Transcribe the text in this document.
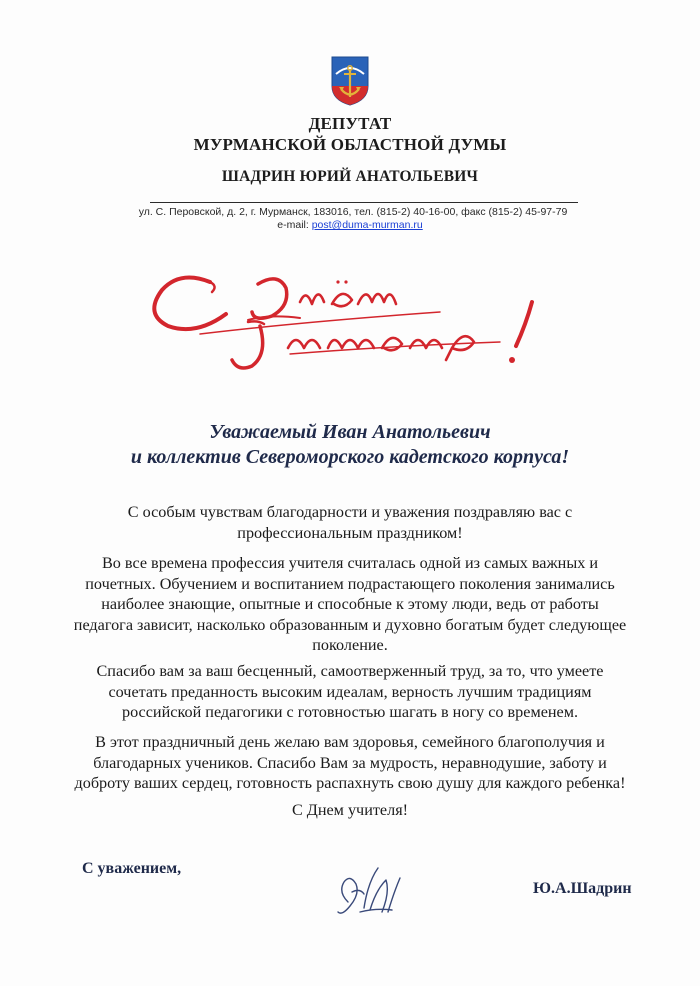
ДЕПУТАТ
МУРМАНСКОЙ ОБЛАСТНОЙ ДУМЫ
ШАДРИН ЮРИЙ АНАТОЛЬЕВИЧ
ул. С. Перовской, д. 2, г. Мурманск, 183016, тел. (815-2) 40-16-00, факс (815-2) 45-97-79
e-mail: post@duma-murman.ru
Уважаемый Иван Анатольевич
и коллектив Североморского кадетского корпуса!
С особым чувствам благодарности и уважения поздравляю вас с профессиональным праздником!
Во все времена профессия учителя считалась одной из самых важных и почетных. Обучением и воспитанием подрастающего поколения занимались наиболее знающие, опытные и способные к этому люди, ведь от работы педагога зависит, насколько образованным и духовно богатым будет следующее поколение.
Спасибо вам за ваш бесценный, самоотверженный труд, за то, что умеете сочетать преданность высоким идеалам, верность лучшим традициям российской педагогики с готовностью шагать в ногу со временем.
В этот праздничный день желаю вам здоровья, семейного благополучия и благодарных учеников. Спасибо Вам за мудрость, неравнодушие, заботу и доброту ваших сердец, готовность распахнуть свою душу для каждого ребенка!
С Днем учителя!
С уважением,
Ю.А.Шадрин
